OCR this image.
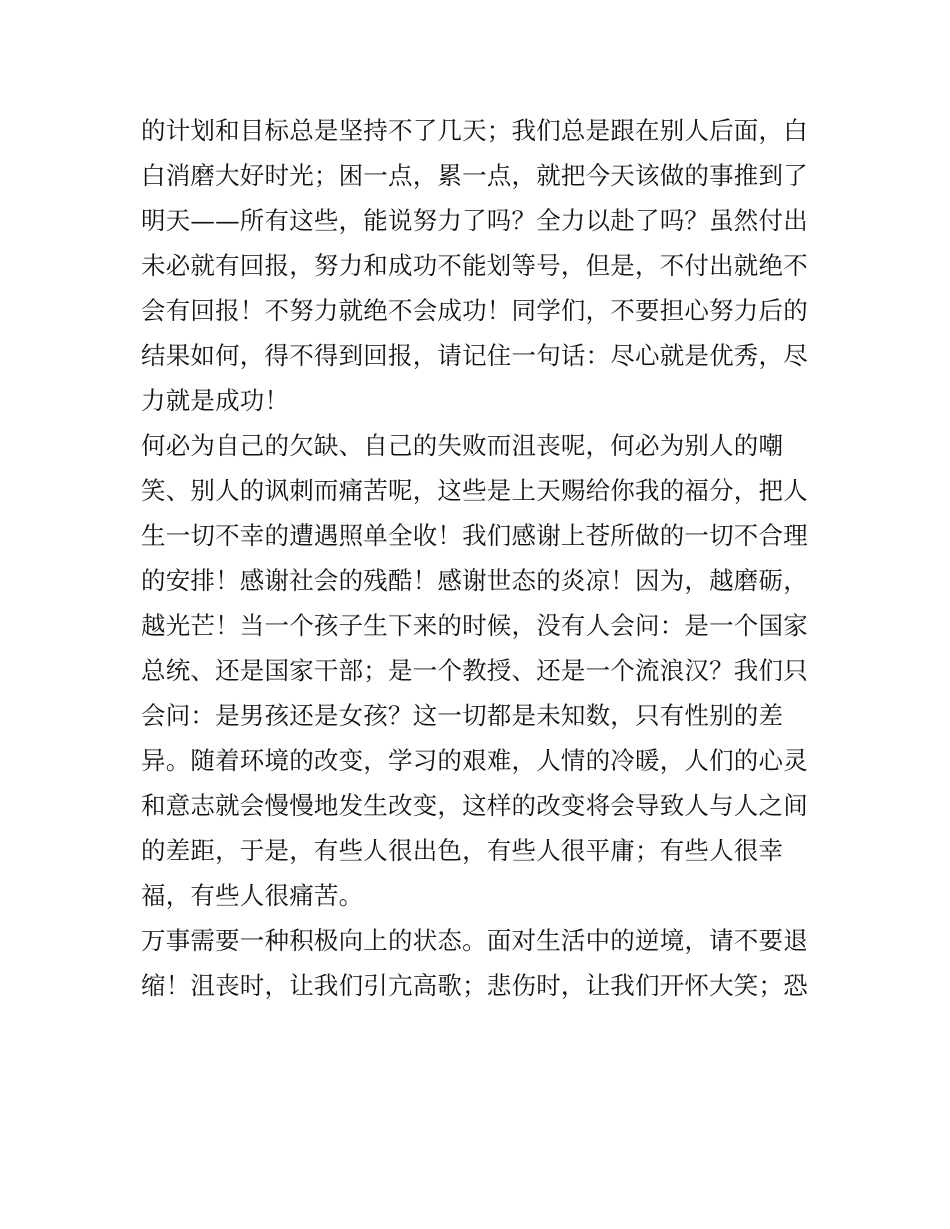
的计划和目标总是坚持不了几天；我们总是跟在别人后面，白
白消磨大好时光；困一点，累一点，就把今天该做的事推到了
明天——所有这些，能说努力了吗？全力以赴了吗？虽然付出
未必就有回报，努力和成功不能划等号，但是，不付出就绝不
会有回报！不努力就绝不会成功！同学们，不要担心努力后的
结果如何，得不得到回报，请记住一句话：尽心就是优秀，尽
力就是成功！
何必为自己的欠缺、自己的失败而沮丧呢，何必为别人的嘲
笑、别人的讽刺而痛苦呢，这些是上天赐给你我的福分，把人
生一切不幸的遭遇照单全收！我们感谢上苍所做的一切不合理
的安排！感谢社会的残酷！感谢世态的炎凉！因为，越磨砺，
越光芒！当一个孩子生下来的时候，没有人会问：是一个国家
总统、还是国家干部；是一个教授、还是一个流浪汉？我们只
会问：是男孩还是女孩？这一切都是未知数，只有性别的差
异。随着环境的改变，学习的艰难，人情的冷暖，人们的心灵
和意志就会慢慢地发生改变，这样的改变将会导致人与人之间
的差距，于是，有些人很出色，有些人很平庸；有些人很幸
福，有些人很痛苦。
万事需要一种积极向上的状态。面对生活中的逆境，请不要退
缩！沮丧时，让我们引亢高歌；悲伤时，让我们开怀大笑；恐
